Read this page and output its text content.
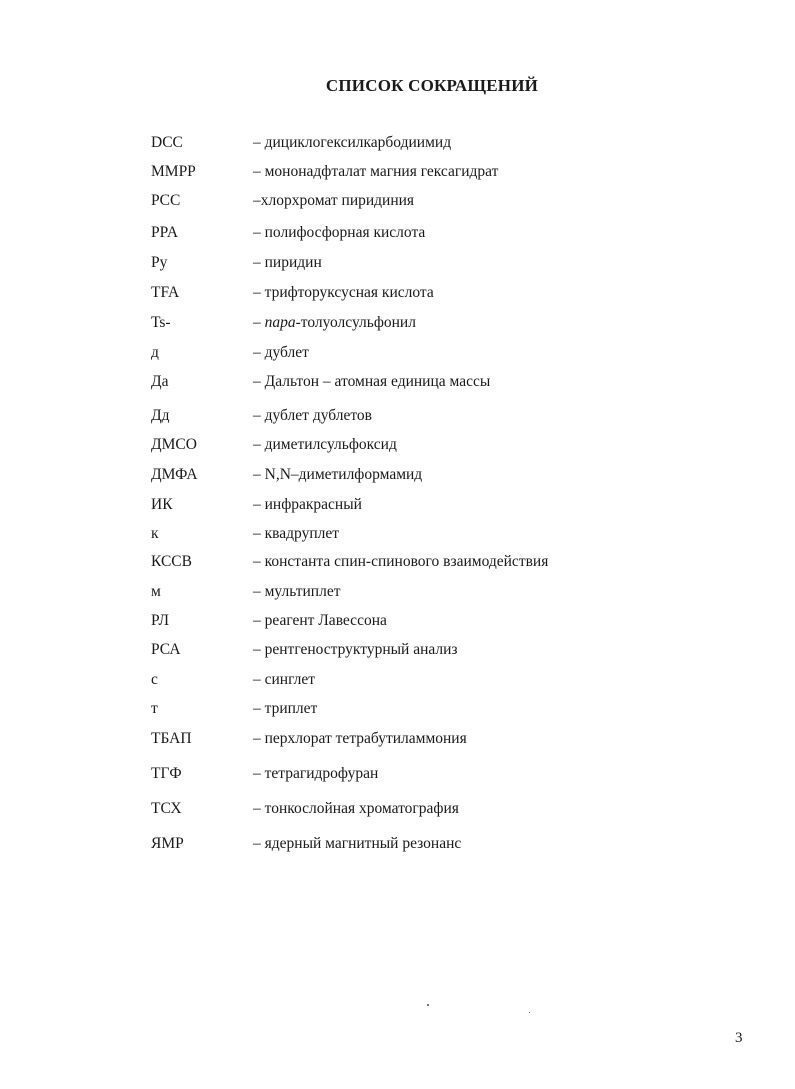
СПИСОК СОКРАЩЕНИЙ
DCC	– дициклогексилкарбодиимид
MMPP	– мононадфталат магния гексагидрат
PCC	–хлорхромат пиридиния
PPA	– полифосфорная кислота
Py	– пиридин
TFA	– трифторуксусная кислота
Ts-	– пара-толуолсульфонил
д	– дублет
Да	– Дальтон – атомная единица массы
Дд	– дублет дублетов
ДМСО	– диметилсульфоксид
ДМФА	– N,N–диметилформамид
ИК	– инфракрасный
к	– квадруплет
КССВ	– константа спин-спинового взаимодействия
м	– мультиплет
РЛ	– реагент Лавессона
РСА	– рентгеноструктурный анализ
с	– синглет
т	– триплет
ТБАП	– перхлорат тетрабутиламмония
ТГФ	– тетрагидрофуран
ТСХ	– тонкослойная хроматография
ЯМР	– ядерный магнитный резонанс
3
